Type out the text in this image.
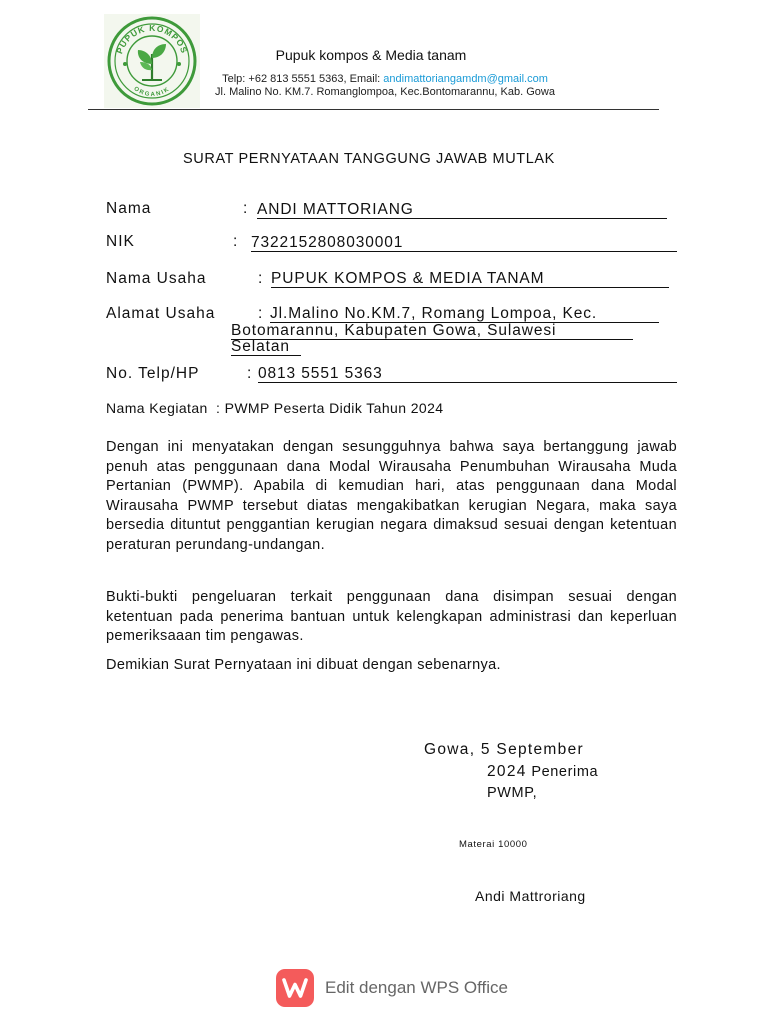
PUPUK KOMPOS
ORGANIK
Pupuk kompos & Media tanam
Telp: +62 813 5551 5363, Email: andimattoriangamdm@gmail.com
Jl. Malino No. KM.7. Romanglompoa, Kec.Bontomarannu, Kab. Gowa
SURAT PERNYATAAN TANGGUNG JAWAB MUTLAK
Nama	: ANDI MATTORIANG
NIK	: 7322152808030001
Nama Usaha	: PUPUK KOMPOS & MEDIA TANAM
Alamat Usaha	: Jl.Malino No.KM.7, Romang Lompoa, Kec.
Botomarannu, Kabupaten Gowa, Sulawesi
Selatan
No. Telp/HP	: 0813 5551 5363
Nama Kegiatan : PWMP Peserta Didik Tahun 2024
Dengan ini menyatakan dengan sesungguhnya bahwa saya bertanggung jawab penuh atas penggunaan dana Modal Wirausaha Penumbuhan Wirausaha Muda Pertanian (PWMP). Apabila di kemudian hari, atas penggunaan dana Modal Wirausaha PWMP tersebut diatas mengakibatkan kerugian Negara, maka saya bersedia dituntut penggantian kerugian negara dimaksud sesuai dengan ketentuan peraturan perundang-undangan.
Bukti-bukti pengeluaran terkait penggunaan dana disimpan sesuai dengan ketentuan pada penerima bantuan untuk kelengkapan administrasi dan keperluan pemeriksaaan tim pengawas.
Demikian Surat Pernyataan ini dibuat dengan sebenarnya.
Gowa, 5 September
2024 Penerima
PWMP,
Materai 10000
Andi Mattroriang
Edit dengan WPS Office
